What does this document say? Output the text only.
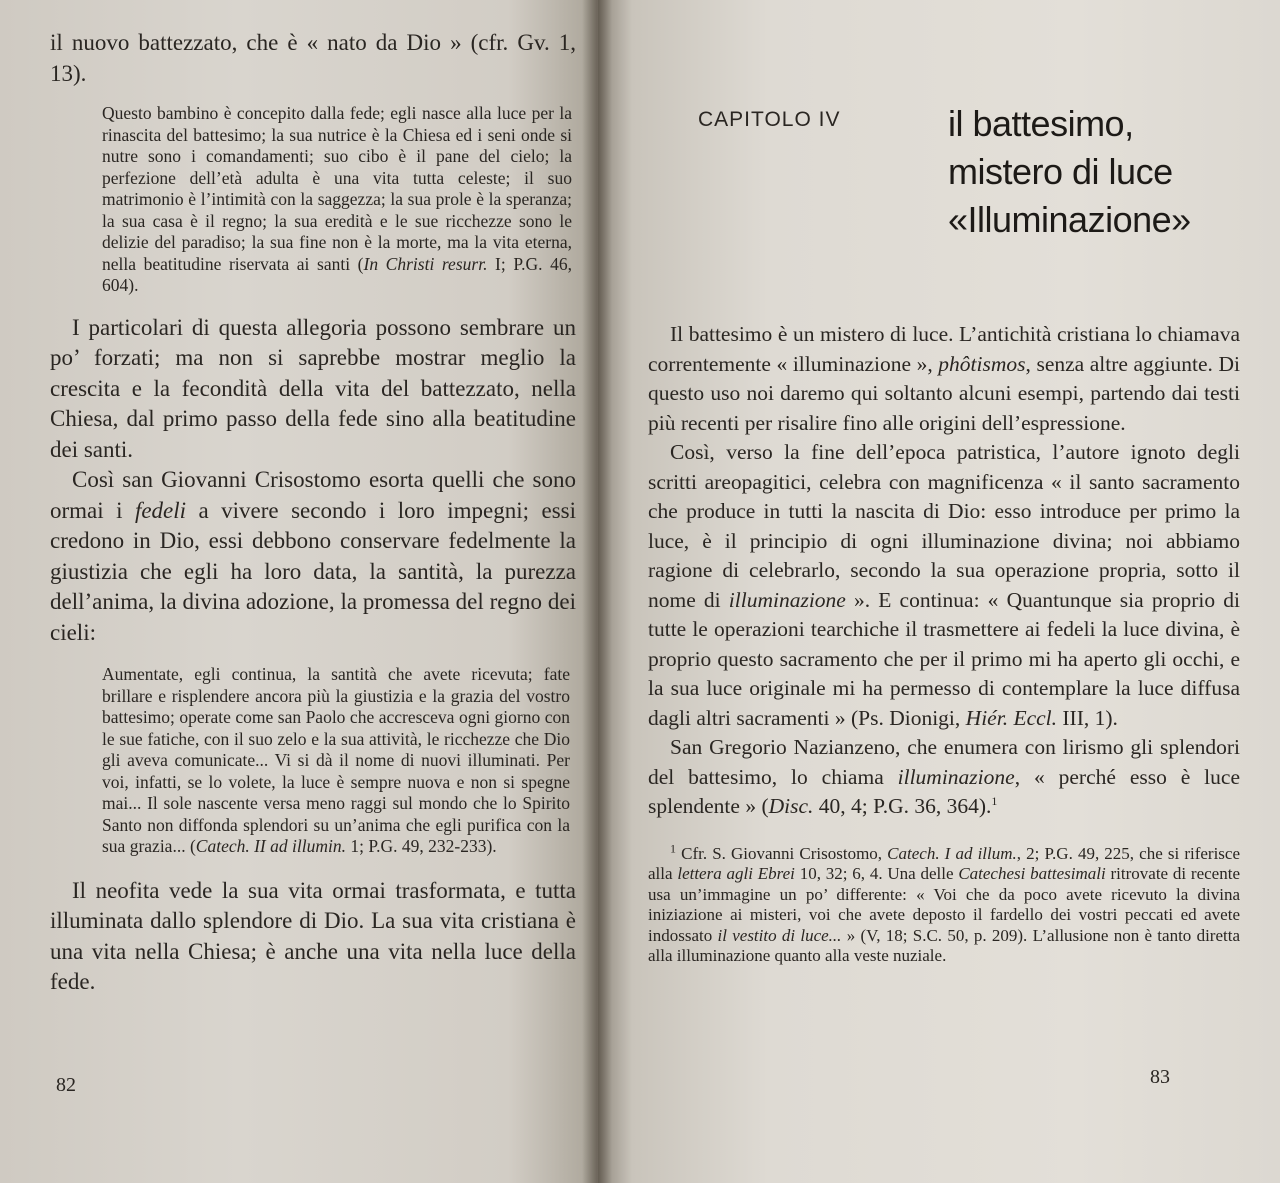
il nuovo battezzato, che è « nato da Dio » (cfr. Gv. 1, 13).

Questo bambino è concepito dalla fede; egli nasce alla luce per la rinascita del battesimo; la sua nutrice è la Chiesa ed i seni onde si nutre sono i comandamenti; suo cibo è il pane del cielo; la perfezione dell’età adulta è una vita tutta celeste; il suo matrimonio è l’intimità con la saggezza; la sua prole è la speranza; la sua casa è il regno; la sua eredità e le sue ricchezze sono le delizie del paradiso; la sua fine non è la morte, ma la vita eterna, nella beatitudine riservata ai santi (In Christi resurr. I; P.G. 46, 604).

I particolari di questa allegoria possono sembrare un po’ forzati; ma non si saprebbe mostrar meglio la crescita e la fecondità della vita del battezzato, nella Chiesa, dal primo passo della fede sino alla beatitudine dei santi.

Così san Giovanni Crisostomo esorta quelli che sono ormai i fedeli a vivere secondo i loro impegni; essi credono in Dio, essi debbono conservare fedelmente la giustizia che egli ha loro data, la santità, la purezza dell’anima, la divina adozione, la promessa del regno dei cieli:

Aumentate, egli continua, la santità che avete ricevuta; fate brillare e risplendere ancora più la giustizia e la grazia del vostro battesimo; operate come san Paolo che accresceva ogni giorno con le sue fatiche, con il suo zelo e la sua attività, le ricchezze che Dio gli aveva comunicate... Vi si dà il nome di nuovi illuminati. Per voi, infatti, se lo volete, la luce è sempre nuova e non si spegne mai... Il sole nascente versa meno raggi sul mondo che lo Spirito Santo non diffonda splendori su un’anima che egli purifica con la sua grazia... (Catech. II ad illumin. 1; P.G. 49, 232-233).

Il neofita vede la sua vita ormai trasformata, e tutta illuminata dallo splendore di Dio. La sua vita cristiana è una vita nella Chiesa; è anche una vita nella luce della fede.

82
CAPITOLO IV	il battesimo,
mistero di luce
«Illuminazione»

Il battesimo è un mistero di luce. L’antichità cristiana lo chiamava correntemente « illuminazione », phôtismos, senza altre aggiunte. Di questo uso noi daremo qui soltanto alcuni esempi, partendo dai testi più recenti per risalire fino alle origini dell’espressione.

Così, verso la fine dell’epoca patristica, l’autore ignoto degli scritti areopagitici, celebra con magnificenza « il santo sacramento che produce in tutti la nascita di Dio: esso introduce per primo la luce, è il principio di ogni illuminazione divina; noi abbiamo ragione di celebrarlo, secondo la sua operazione propria, sotto il nome di illuminazione ». E continua: « Quantunque sia proprio di tutte le operazioni tearchiche il trasmettere ai fedeli la luce divina, è proprio questo sacramento che per il primo mi ha aperto gli occhi, e la sua luce originale mi ha permesso di contemplare la luce diffusa dagli altri sacramenti » (Ps. Dionigi, Hiér. Eccl. III, 1).

San Gregorio Nazianzeno, che enumera con lirismo gli splendori del battesimo, lo chiama illuminazione, « perché esso è luce splendente » (Disc. 40, 4; P.G. 36, 364).$^1$

$^1$ Cfr. S. Giovanni Crisostomo, Catech. I ad illum., 2; P.G. 49, 225, che si riferisce alla lettera agli Ebrei 10, 32; 6, 4. Una delle Catechesi battesimali ritrovate di recente usa un’immagine un po’ differente: « Voi che da poco avete ricevuto la divina iniziazione ai misteri, voi che avete deposto il fardello dei vostri peccati ed avete indossato il vestito di luce... » (V, 18; S.C. 50, p. 209). L’allusione non è tanto diretta alla illuminazione quanto alla veste nuziale.

83
